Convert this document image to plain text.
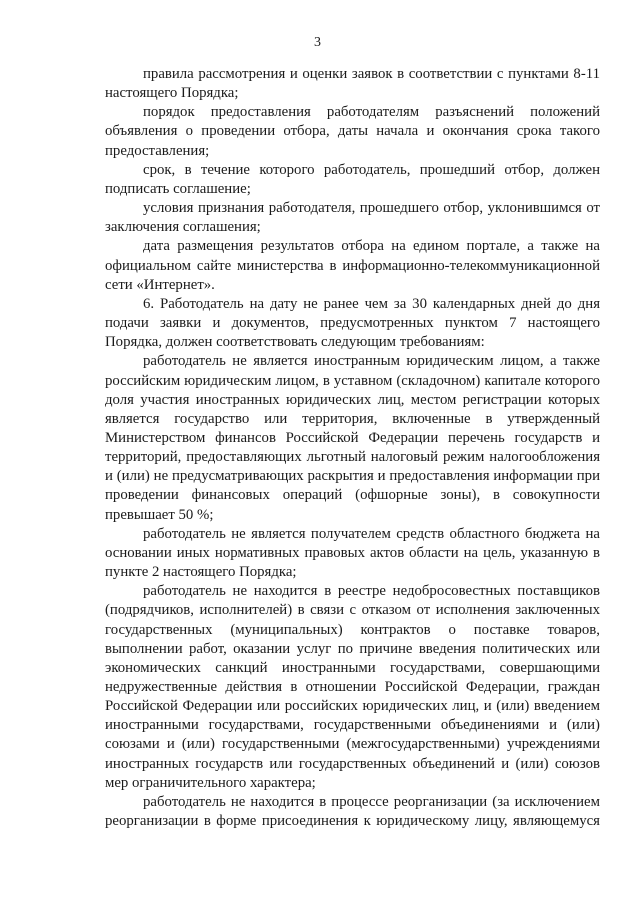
3

правила рассмотрения и оценки заявок в соответствии с пунктами 8-11 настоящего Порядка;

порядок предоставления работодателям разъяснений положений объявления о проведении отбора, даты начала и окончания срока такого предоставления;

срок, в течение которого работодатель, прошедший отбор, должен подписать соглашение;

условия признания работодателя, прошедшего отбор, уклонившимся от заключения соглашения;

дата размещения результатов отбора на едином портале, а также на официальном сайте министерства в информационно-телекоммуникационной сети «Интернет».

6. Работодатель на дату не ранее чем за 30 календарных дней до дня подачи заявки и документов, предусмотренных пунктом 7 настоящего Порядка, должен соответствовать следующим требованиям:

работодатель не является иностранным юридическим лицом, а также российским юридическим лицом, в уставном (складочном) капитале которого доля участия иностранных юридических лиц, местом регистрации которых является государство или территория, включенные в утвержденный Министерством финансов Российской Федерации перечень государств и территорий, предоставляющих льготный налоговый режим налогообложения и (или) не предусматривающих раскрытия и предоставления информации при проведении финансовых операций (офшорные зоны), в совокупности превышает 50 %;

работодатель не является получателем средств областного бюджета на основании иных нормативных правовых актов области на цель, указанную в пункте 2 настоящего Порядка;

работодатель не находится в реестре недобросовестных поставщиков (подрядчиков, исполнителей) в связи с отказом от исполнения заключенных государственных (муниципальных) контрактов о поставке товаров, выполнении работ, оказании услуг по причине введения политических или экономических санкций иностранными государствами, совершающими недружественные действия в отношении Российской Федерации, граждан Российской Федерации или российских юридических лиц, и (или) введением иностранными государствами, государственными объединениями и (или) союзами и (или) государственными (межгосударственными) учреждениями иностранных государств или государственных объединений и (или) союзов мер ограничительного характера;

работодатель не находится в процессе реорганизации (за исключением реорганизации в форме присоединения к юридическому лицу, являющемуся
